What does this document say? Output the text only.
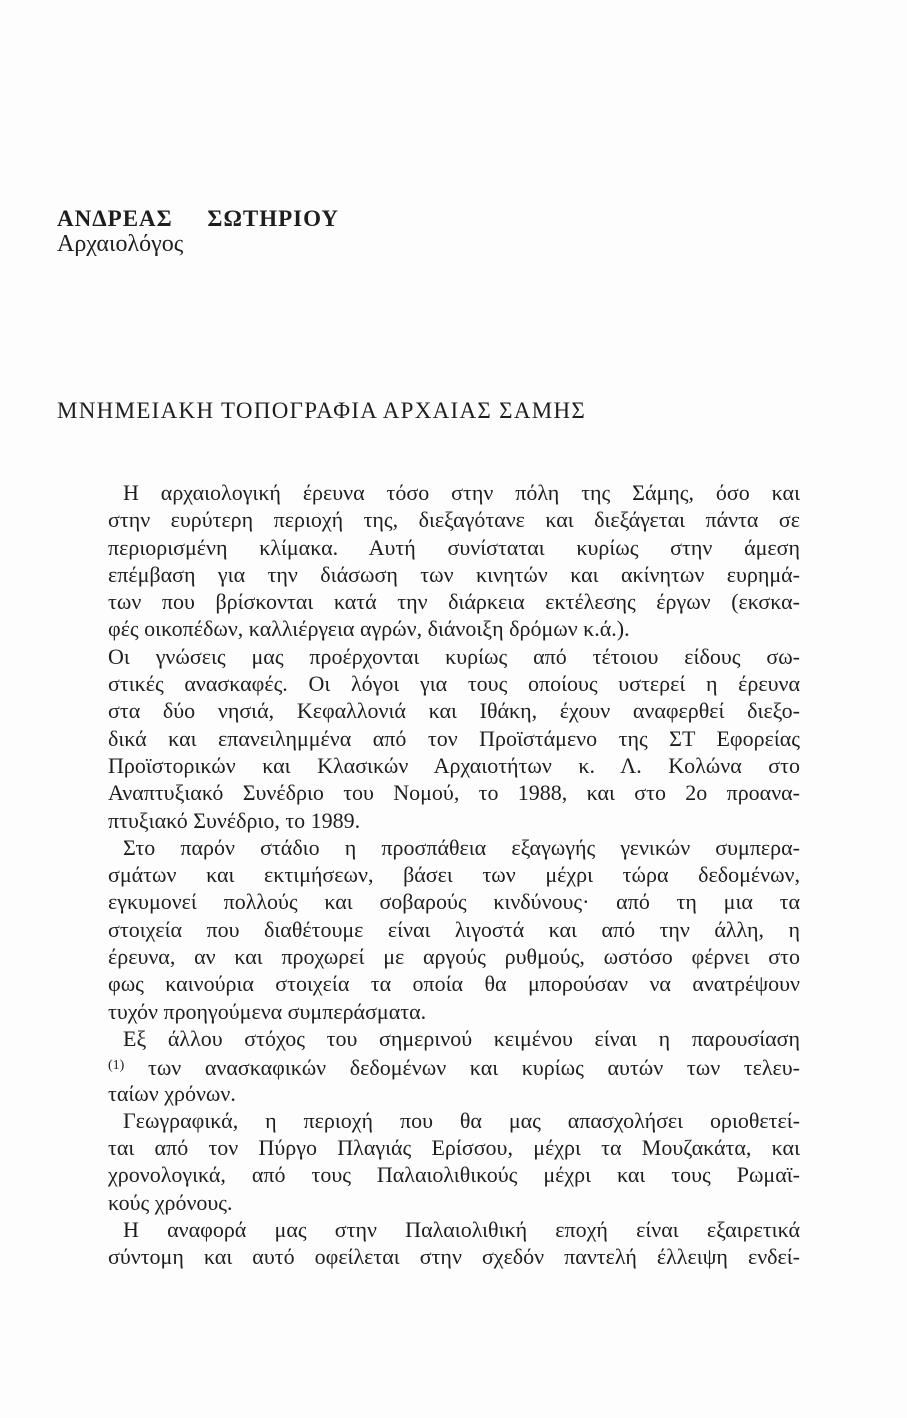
ΑΝΔΡΕΑΣ ΣΩΤΗΡΙΟΥ
Αρχαιολόγος
ΜΝΗΜΕΙΑΚΗ ΤΟΠΟΓΡΑΦΙΑ ΑΡΧΑΙΑΣ ΣΑΜΗΣ
Η αρχαιολογική έρευνα τόσο στην πόλη της Σάμης, όσο και
στην ευρύτερη περιοχή της, διεξαγότανε και διεξάγεται πάντα σε
περιορισμένη κλίμακα. Αυτή συνίσταται κυρίως στην άμεση
επέμβαση για την διάσωση των κινητών και ακίνητων ευρημά-
των που βρίσκονται κατά την διάρκεια εκτέλεσης έργων (εκσκα-
φές οικοπέδων, καλλιέργεια αγρών, διάνοιξη δρόμων κ.ά.).
Οι γνώσεις μας προέρχονται κυρίως από τέτοιου είδους σω-
στικές ανασκαφές. Οι λόγοι για τους οποίους υστερεί η έρευνα
στα δύο νησιά, Κεφαλλονιά και Ιθάκη, έχουν αναφερθεί διεξο-
δικά και επανειλημμένα από τον Προϊστάμενο της ΣΤ Εφορείας
Προϊστορικών και Κλασικών Αρχαιοτήτων κ. Λ. Κολώνα στο
Αναπτυξιακό Συνέδριο του Νομού, το 1988, και στο 2ο προανα-
πτυξιακό Συνέδριο, το 1989.
Στο παρόν στάδιο η προσπάθεια εξαγωγής γενικών συμπερα-
σμάτων και εκτιμήσεων, βάσει των μέχρι τώρα δεδομένων,
εγκυμονεί πολλούς και σοβαρούς κινδύνους· από τη μια τα
στοιχεία που διαθέτουμε είναι λιγοστά και από την άλλη, η
έρευνα, αν και προχωρεί με αργούς ρυθμούς, ωστόσο φέρνει στο
φως καινούρια στοιχεία τα οποία θα μπορούσαν να ανατρέψουν
τυχόν προηγούμενα συμπεράσματα.
Εξ άλλου στόχος του σημερινού κειμένου είναι η παρουσίαση
$^{(1)}$ των ανασκαφικών δεδομένων και κυρίως αυτών των τελευ-
ταίων χρόνων.
Γεωγραφικά, η περιοχή που θα μας απασχολήσει οριοθετεί-
ται από τον Πύργο Πλαγιάς Ερίσσου, μέχρι τα Μουζακάτα, και
χρονολογικά, από τους Παλαιολιθικούς μέχρι και τους Ρωμαϊ-
κούς χρόνους.
Η αναφορά μας στην Παλαιολιθική εποχή είναι εξαιρετικά
σύντομη και αυτό οφείλεται στην σχεδόν παντελή έλλειψη ενδεί-
